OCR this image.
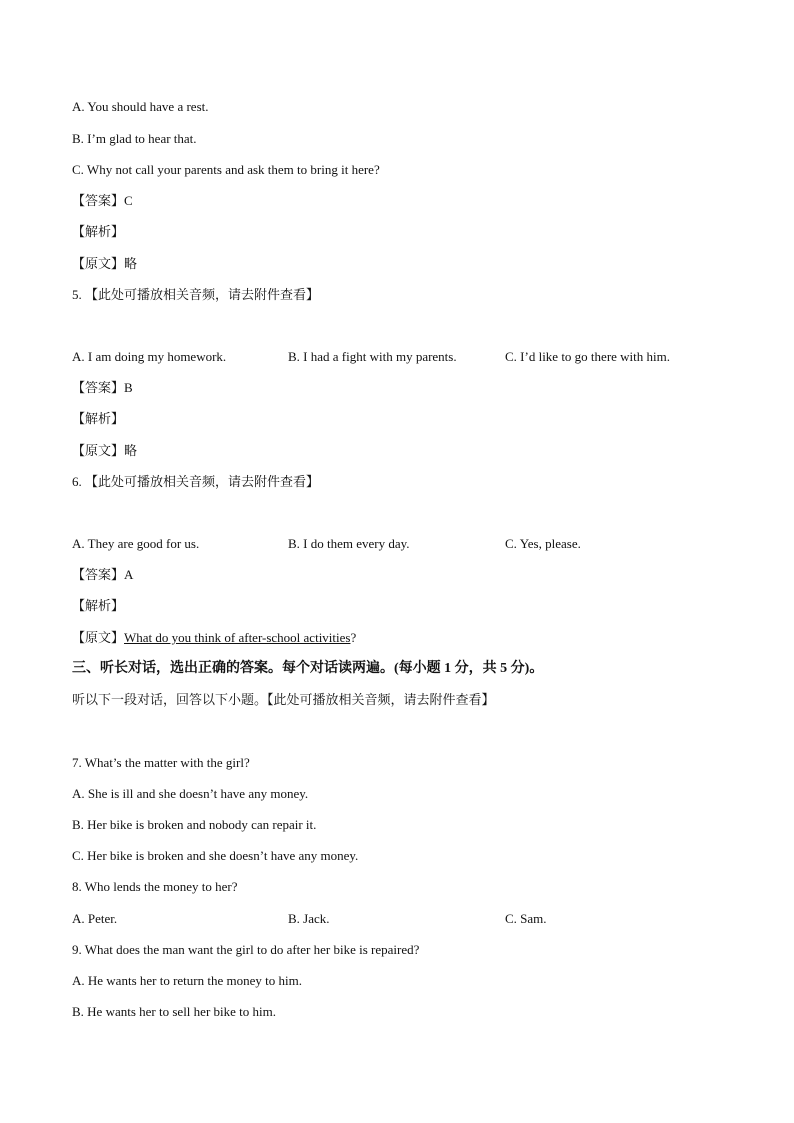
A. You should have a rest.
B. I’m glad to hear that.
C. Why not call your parents and ask them to bring it here?
【答案】C
【解析】
【原文】略
5. 【此处可播放相关音频，请去附件查看】
A. I am doing my homework.	B. I had a fight with my parents.	C. I’d like to go there with him.
【答案】B
【解析】
【原文】略
6. 【此处可播放相关音频，请去附件查看】
A. They are good for us.	B. I do them every day.	C. Yes, please.
【答案】A
【解析】
【原文】What do you think of after-school activities?
三、听长对话，选出正确的答案。每个对话读两遍。(每小题 1 分，共 5 分)。
听以下一段对话，回答以下小题。【此处可播放相关音频，请去附件查看】
7. What’s the matter with the girl?
A. She is ill and she doesn’t have any money.
B. Her bike is broken and nobody can repair it.
C. Her bike is broken and she doesn’t have any money.
8. Who lends the money to her?
A. Peter.	B. Jack.	C. Sam.
9. What does the man want the girl to do after her bike is repaired?
A. He wants her to return the money to him.
B. He wants her to sell her bike to him.
